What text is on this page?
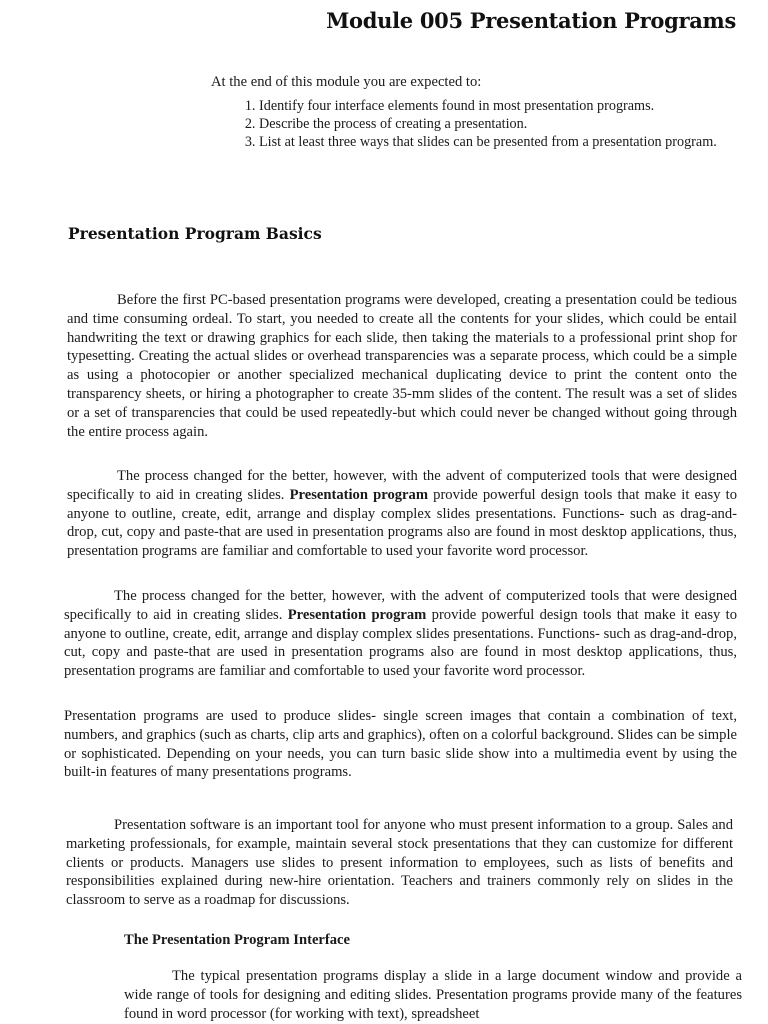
Module 005 Presentation Programs

At the end of this module you are expected to:

1. Identify four interface elements found in most presentation programs.
2. Describe the process of creating a presentation.
3. List at least three ways that slides can be presented from a presentation program.
Presentation Program Basics

Before the first PC-based presentation programs were developed, creating a presentation could be tedious and time consuming ordeal. To start, you needed to create all the contents for your slides, which could be entail handwriting the text or drawing graphics for each slide, then taking the materials to a professional print shop for typesetting. Creating the actual slides or overhead transparencies was a separate process, which could be a simple as using a photocopier or another specialized mechanical duplicating device to print the content onto the transparency sheets, or hiring a photographer to create 35-mm slides of the content. The result was a set of slides or a set of transparencies that could be used repeatedly-but which could never be changed without going through the entire process again.

The process changed for the better, however, with the advent of computerized tools that were designed specifically to aid in creating slides. Presentation program provide powerful design tools that make it easy to anyone to outline, create, edit, arrange and display complex slides presentations. Functions- such as drag-and-drop, cut, copy and paste-that are used in presentation programs also are found in most desktop applications, thus, presentation programs are familiar and comfortable to used your favorite word processor.

The process changed for the better, however, with the advent of computerized tools that were designed specifically to aid in creating slides. Presentation program provide powerful design tools that make it easy to anyone to outline, create, edit, arrange and display complex slides presentations. Functions- such as drag-and-drop, cut, copy and paste-that are used in presentation programs also are found in most desktop applications, thus, presentation programs are familiar and comfortable to used your favorite word processor.

Presentation programs are used to produce slides- single screen images that contain a combination of text, numbers, and graphics (such as charts, clip arts and graphics), often on a colorful background. Slides can be simple or sophisticated. Depending on your needs, you can turn basic slide show into a multimedia event by using the built-in features of many presentations programs.

Presentation software is an important tool for anyone who must present information to a group. Sales and marketing professionals, for example, maintain several stock presentations that they can customize for different clients or products. Managers use slides to present information to employees, such as lists of benefits and responsibilities explained during new-hire orientation. Teachers and trainers commonly rely on slides in the classroom to serve as a roadmap for discussions.

The Presentation Program Interface

The typical presentation programs display a slide in a large document window and provide a wide range of tools for designing and editing slides. Presentation programs provide many of the features found in word processor (for working with text), spreadsheet
